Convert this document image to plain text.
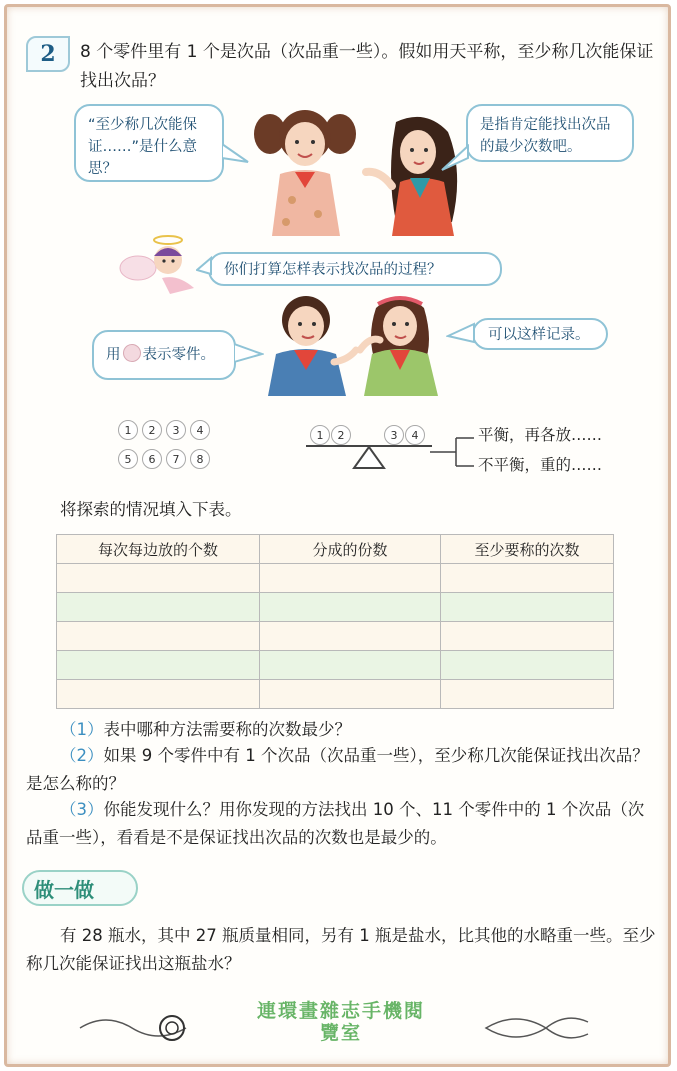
2 8 个零件里有 1 个是次品（次品重一些）。假如用天平称，至少称几次能保证找出次品？
“至少称几次能保证……”是什么意思？
是指肯定能找出次品的最少次数吧。
你们打算怎样表示找次品的过程？
用 表示零件。
可以这样记录。
1	2	3	4
5	6	7	8
1	2	3	4	平衡，再各放……
不平衡，重的……
将探索的情况填入下表。
每次每边放的个数	分成的份数	至少要称的次数

（1）表中哪种方法需要称的次数最少？
（2）如果 9 个零件中有 1 个次品（次品重一些），至少称几次能保证找出次品？是怎么称的？
（3）你能发现什么？用你发现的方法找出 10 个、11 个零件中的 1 个次品（次品重一些），看看是不是保证找出次品的次数也是最少的。
做一做
有 28 瓶水，其中 27 瓶质量相同，另有 1 瓶是盐水，比其他的水略重一些。至少称几次能保证找出这瓶盐水？
連環畫雜志手機閱
覽室
